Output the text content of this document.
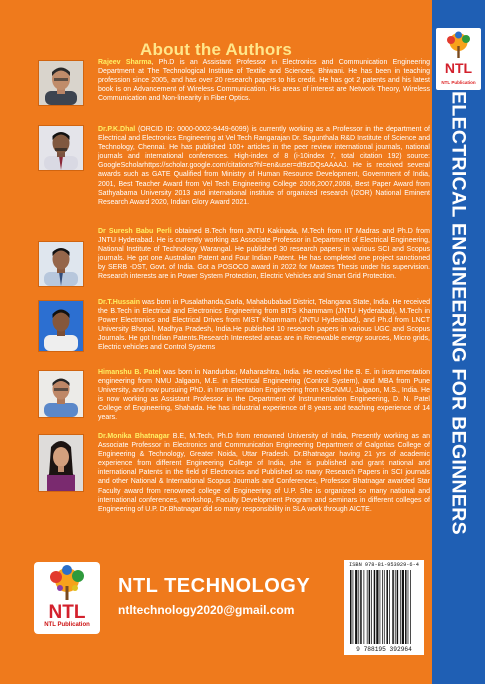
NTL
NTL Publication
ELECTRICAL ENGINEERING FOR BEGINNERS
About the Authors
Rajeev Sharma, Ph.D is an Assistant Professor in Electronics and Communication Engineering Department at The Technological Institute of Textile and Sciences, Bhiwani. He has been in teaching profession since 2005, and has over 20 research papers to his credit. He has got 2 patents and his latest book is on Advancement of Wireless Communication. His areas of interest are Network Theory, Wireless Communication and Non-linearity in Fiber Optics.
Dr.P.K.Dhal (ORCID ID: 0000-0002-9449-6099) is currently working as a Professor in the department of Electrical and Electronics Engineering at Vel Tech Rangarajan Dr. Sagunthala R&D Institute of Science and Technology, Chennai. He has published 100+ articles in the peer review international journals, national journals and international conferences. High-index of 8 (i-10index 7, total citation 192) source: GoogleScholarhttps://scholar.google.com/citations?hl=en&user=dt9zDQsAAAAJ. He is received several awards such as GATE Qualified from Ministry of Human Resource Development, Government of India, 2001, Best Teacher Award from Vel Tech Engineering College 2006,2007,2008, Best Paper Award from Sathyabama University 2013 and international institute of organized research (I2OR) National Eminent Research Award 2020, Indian Glory Award 2021.
Dr Suresh Babu Perli obtained B.Tech from JNTU Kakinada, M.Tech from IIT Madras and Ph.D from JNTU Hyderabad. He is currently working as Associate Professor in Department of Electrical Engineering, National Institute of Technology Warangal. He published 30 research papers in various SCI and Scopus journals. He got one Australian Patent and Four Indian Patent. He has completed one project sanctioned by SERB -DST, Govt. of India. Got a POSOCO award in 2022 for Masters Thesis under his supervision. Research interests are in Power System Protection, Electric Vehicles and Smart Grid Protection.
Dr.T.Hussain was born in Pusalathanda,Garla, Mahabubabad District, Telangana State, India. He received the B.Tech in Electrical and Electronics Engineering from BITS Khammam (JNTU Hyderabad), M.Tech in Power Electronics and Electrical Drives from MIST Khammam (JNTU Hyderabad), and Ph.d from LNCT University Bhopal, Madhya Pradesh, India.He published 10 research papers in various UGC and Scopus Journals. He got Indian Patents.Research Interested areas are in Renewable energy sources, Micro grids, Electric vehicles and Control Systems
Himanshu B. Patel was born in Nandurbar, Maharashtra, India. He received the B. E. in instrumentation engineering from NMU Jalgaon, M.E. in Electrical Engineering (Control System), and MBA from Pune University, and now pursuing PhD. in Instrumentation Engineering from KBCNMU, Jalgaon, M.S., India. He is now working as Assistant Professor in the Department of Instrumentation Engineering, D. N. Patel College of Engineering, Shahada. He has industrial experience of 8 years and teaching experience of 14 years.
Dr.Monika Bhatnagar B.E, M.Tech, Ph.D from renowned University of India, Presently working as an Associate Professor in Electronics and Communication Engineering Department of Galgotias College of Engineering & Technology, Greater Noida, Uttar Pradesh. Dr.Bhatnagar having 21 yrs of academic experience from different Engineering College of India, she is published and grant national and international Patents in the field of Electronics and Published so many Research Papers in SCI journals and other National & International Scopus Journals and Conferences, Professor Bhatnagar awarded Star Faculty award from renowned college of Engineering of U.P. She is organized so many national and international conferences, workshop, Faculty Development Program and seminars in different colleges of Engineering of U.P. Dr.Bhatnagar did so many responsibility in SLA work through AICTE.
NTL
NTL Publication
NTL TECHNOLOGY
ntltechnology2020@gmail.com
ISBN 978-81-953929-6-4
9 788195 392964
